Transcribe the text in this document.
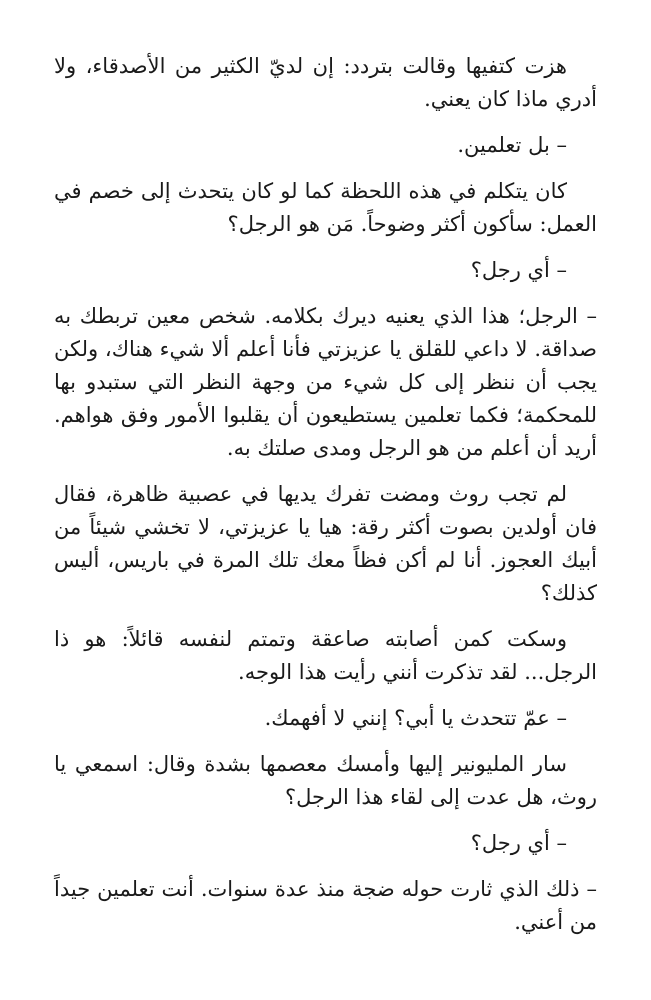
هزت كتفيها وقالت بتردد: إن لديّ الكثير من الأصدقاء، ولا أدري ماذا كان يعني.

– بل تعلمين.

كان يتكلم في هذه اللحظة كما لو كان يتحدث إلى خصم في العمل: سأكون أكثر وضوحاً. مَن هو الرجل؟

– أي رجل؟

– الرجل؛ هذا الذي يعنيه ديرك بكلامه. شخص معين تربطك به صداقة. لا داعي للقلق يا عزيزتي فأنا أعلم ألا شيء هناك، ولكن يجب أن ننظر إلى كل شيء من وجهة النظر التي ستبدو بها للمحكمة؛ فكما تعلمين يستطيعون أن يقلبوا الأمور وفق هواهم. أريد أن أعلم من هو الرجل ومدى صلتك به.

لم تجب روث ومضت تفرك يديها في عصبية ظاهرة، فقال فان أولدين بصوت أكثر رقة: هيا يا عزيزتي، لا تخشي شيئاً من أبيك العجوز. أنا لم أكن فظاً معك تلك المرة في باريس، أليس كذلك؟

وسكت كمن أصابته صاعقة وتمتم لنفسه قائلاً: هو ذا الرجل... لقد تذكرت أنني رأيت هذا الوجه.

– عمّ تتحدث يا أبي؟ إنني لا أفهمك.

سار المليونير إليها وأمسك معصمها بشدة وقال: اسمعي يا روث، هل عدت إلى لقاء هذا الرجل؟

– أي رجل؟

– ذلك الذي ثارت حوله ضجة منذ عدة سنوات. أنت تعلمين جيداً من أعني.
